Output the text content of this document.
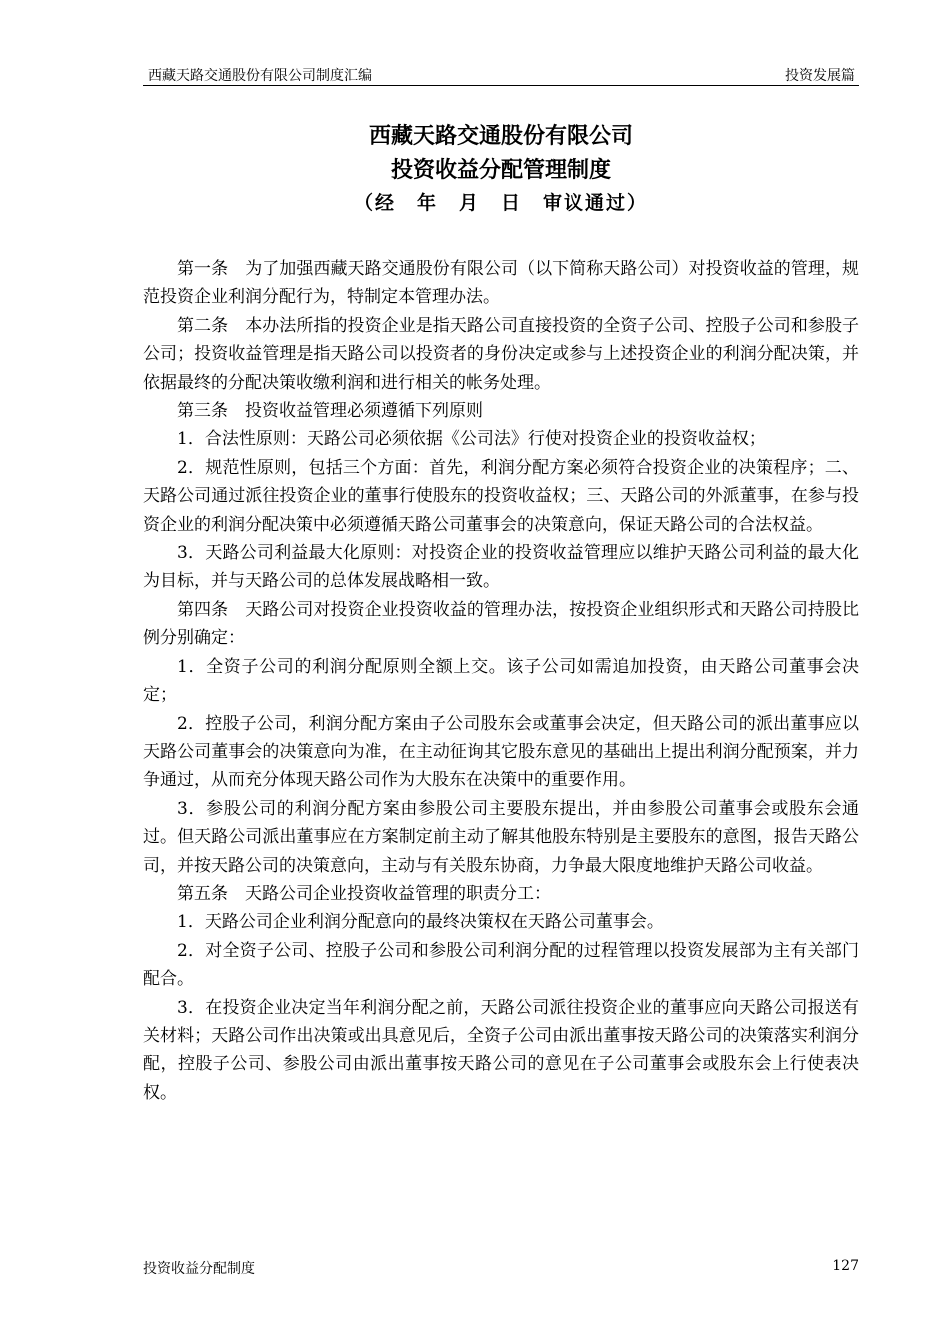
西藏天路交通股份有限公司制度汇编	投资发展篇
西藏天路交通股份有限公司
投资收益分配管理制度
（经　年　月　日　审议通过）

第一条　为了加强西藏天路交通股份有限公司（以下简称天路公司）对投资收益的管理，规范投资企业利润分配行为，特制定本管理办法。

第二条　本办法所指的投资企业是指天路公司直接投资的全资子公司、控股子公司和参股子公司；投资收益管理是指天路公司以投资者的身份决定或参与上述投资企业的利润分配决策，并依据最终的分配决策收缴利润和进行相关的帐务处理。

第三条　投资收益管理必须遵循下列原则

1．合法性原则：天路公司必须依据《公司法》行使对投资企业的投资收益权；

2．规范性原则，包括三个方面：首先，利润分配方案必须符合投资企业的决策程序；二、天路公司通过派往投资企业的董事行使股东的投资收益权；三、天路公司的外派董事，在参与投资企业的利润分配决策中必须遵循天路公司董事会的决策意向，保证天路公司的合法权益。

3．天路公司利益最大化原则：对投资企业的投资收益管理应以维护天路公司利益的最大化为目标，并与天路公司的总体发展战略相一致。

第四条　天路公司对投资企业投资收益的管理办法，按投资企业组织形式和天路公司持股比例分别确定：

1．全资子公司的利润分配原则全额上交。该子公司如需追加投资，由天路公司董事会决定；

2．控股子公司，利润分配方案由子公司股东会或董事会决定，但天路公司的派出董事应以天路公司董事会的决策意向为准，在主动征询其它股东意见的基础出上提出利润分配预案，并力争通过，从而充分体现天路公司作为大股东在决策中的重要作用。

3．参股公司的利润分配方案由参股公司主要股东提出，并由参股公司董事会或股东会通过。但天路公司派出董事应在方案制定前主动了解其他股东特别是主要股东的意图，报告天路公司，并按天路公司的决策意向，主动与有关股东协商，力争最大限度地维护天路公司收益。

第五条　天路公司企业投资收益管理的职责分工：

1．天路公司企业利润分配意向的最终决策权在天路公司董事会。

2．对全资子公司、控股子公司和参股公司利润分配的过程管理以投资发展部为主有关部门配合。

3．在投资企业决定当年利润分配之前，天路公司派往投资企业的董事应向天路公司报送有关材料；天路公司作出决策或出具意见后，全资子公司由派出董事按天路公司的决策落实利润分配，控股子公司、参股公司由派出董事按天路公司的意见在子公司董事会或股东会上行使表决权。

投资收益分配制度	127
